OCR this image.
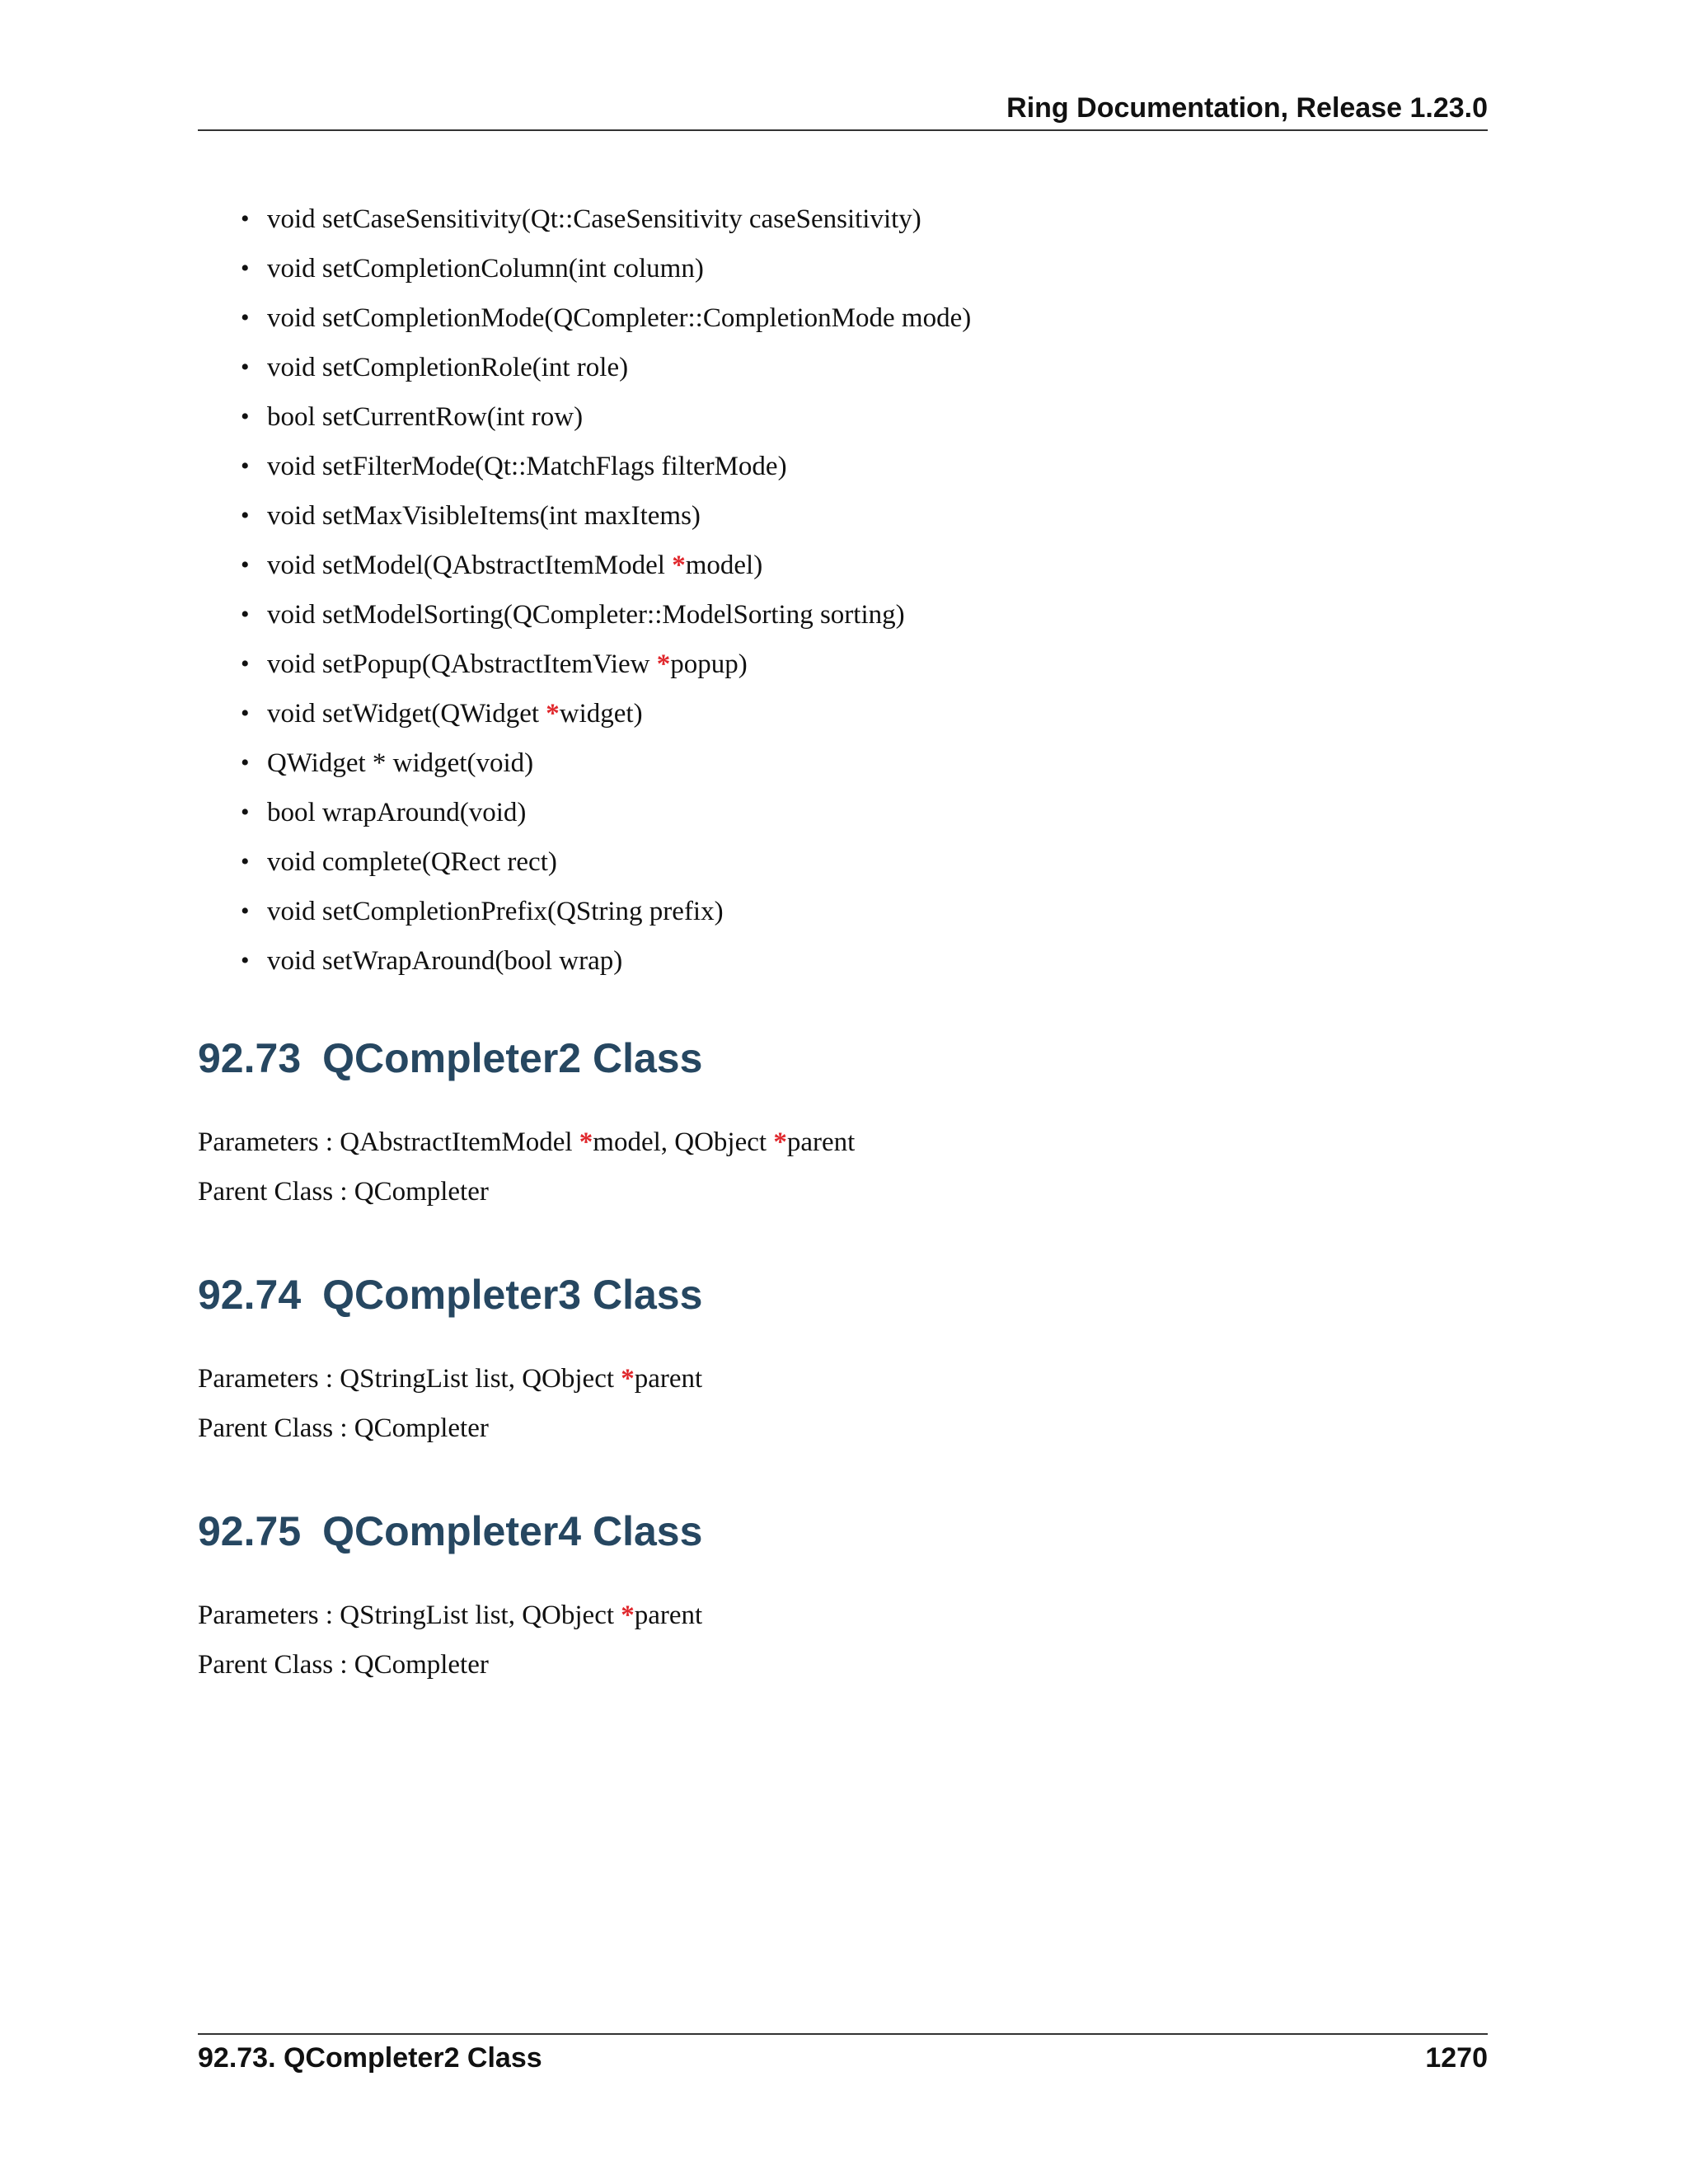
Ring Documentation, Release 1.23.0
• void setCaseSensitivity(Qt::CaseSensitivity caseSensitivity)
• void setCompletionColumn(int column)
• void setCompletionMode(QCompleter::CompletionMode mode)
• void setCompletionRole(int role)
• bool setCurrentRow(int row)
• void setFilterMode(Qt::MatchFlags filterMode)
• void setMaxVisibleItems(int maxItems)
• void setModel(QAbstractItemModel *model)
• void setModelSorting(QCompleter::ModelSorting sorting)
• void setPopup(QAbstractItemView *popup)
• void setWidget(QWidget *widget)
• QWidget * widget(void)
• bool wrapAround(void)
• void complete(QRect rect)
• void setCompletionPrefix(QString prefix)
• void setWrapAround(bool wrap)
92.73 QCompleter2 Class
Parameters : QAbstractItemModel *model, QObject *parent
Parent Class : QCompleter
92.74 QCompleter3 Class
Parameters : QStringList list, QObject *parent
Parent Class : QCompleter
92.75 QCompleter4 Class
Parameters : QStringList list, QObject *parent
Parent Class : QCompleter
92.73. QCompleter2 Class	1270
